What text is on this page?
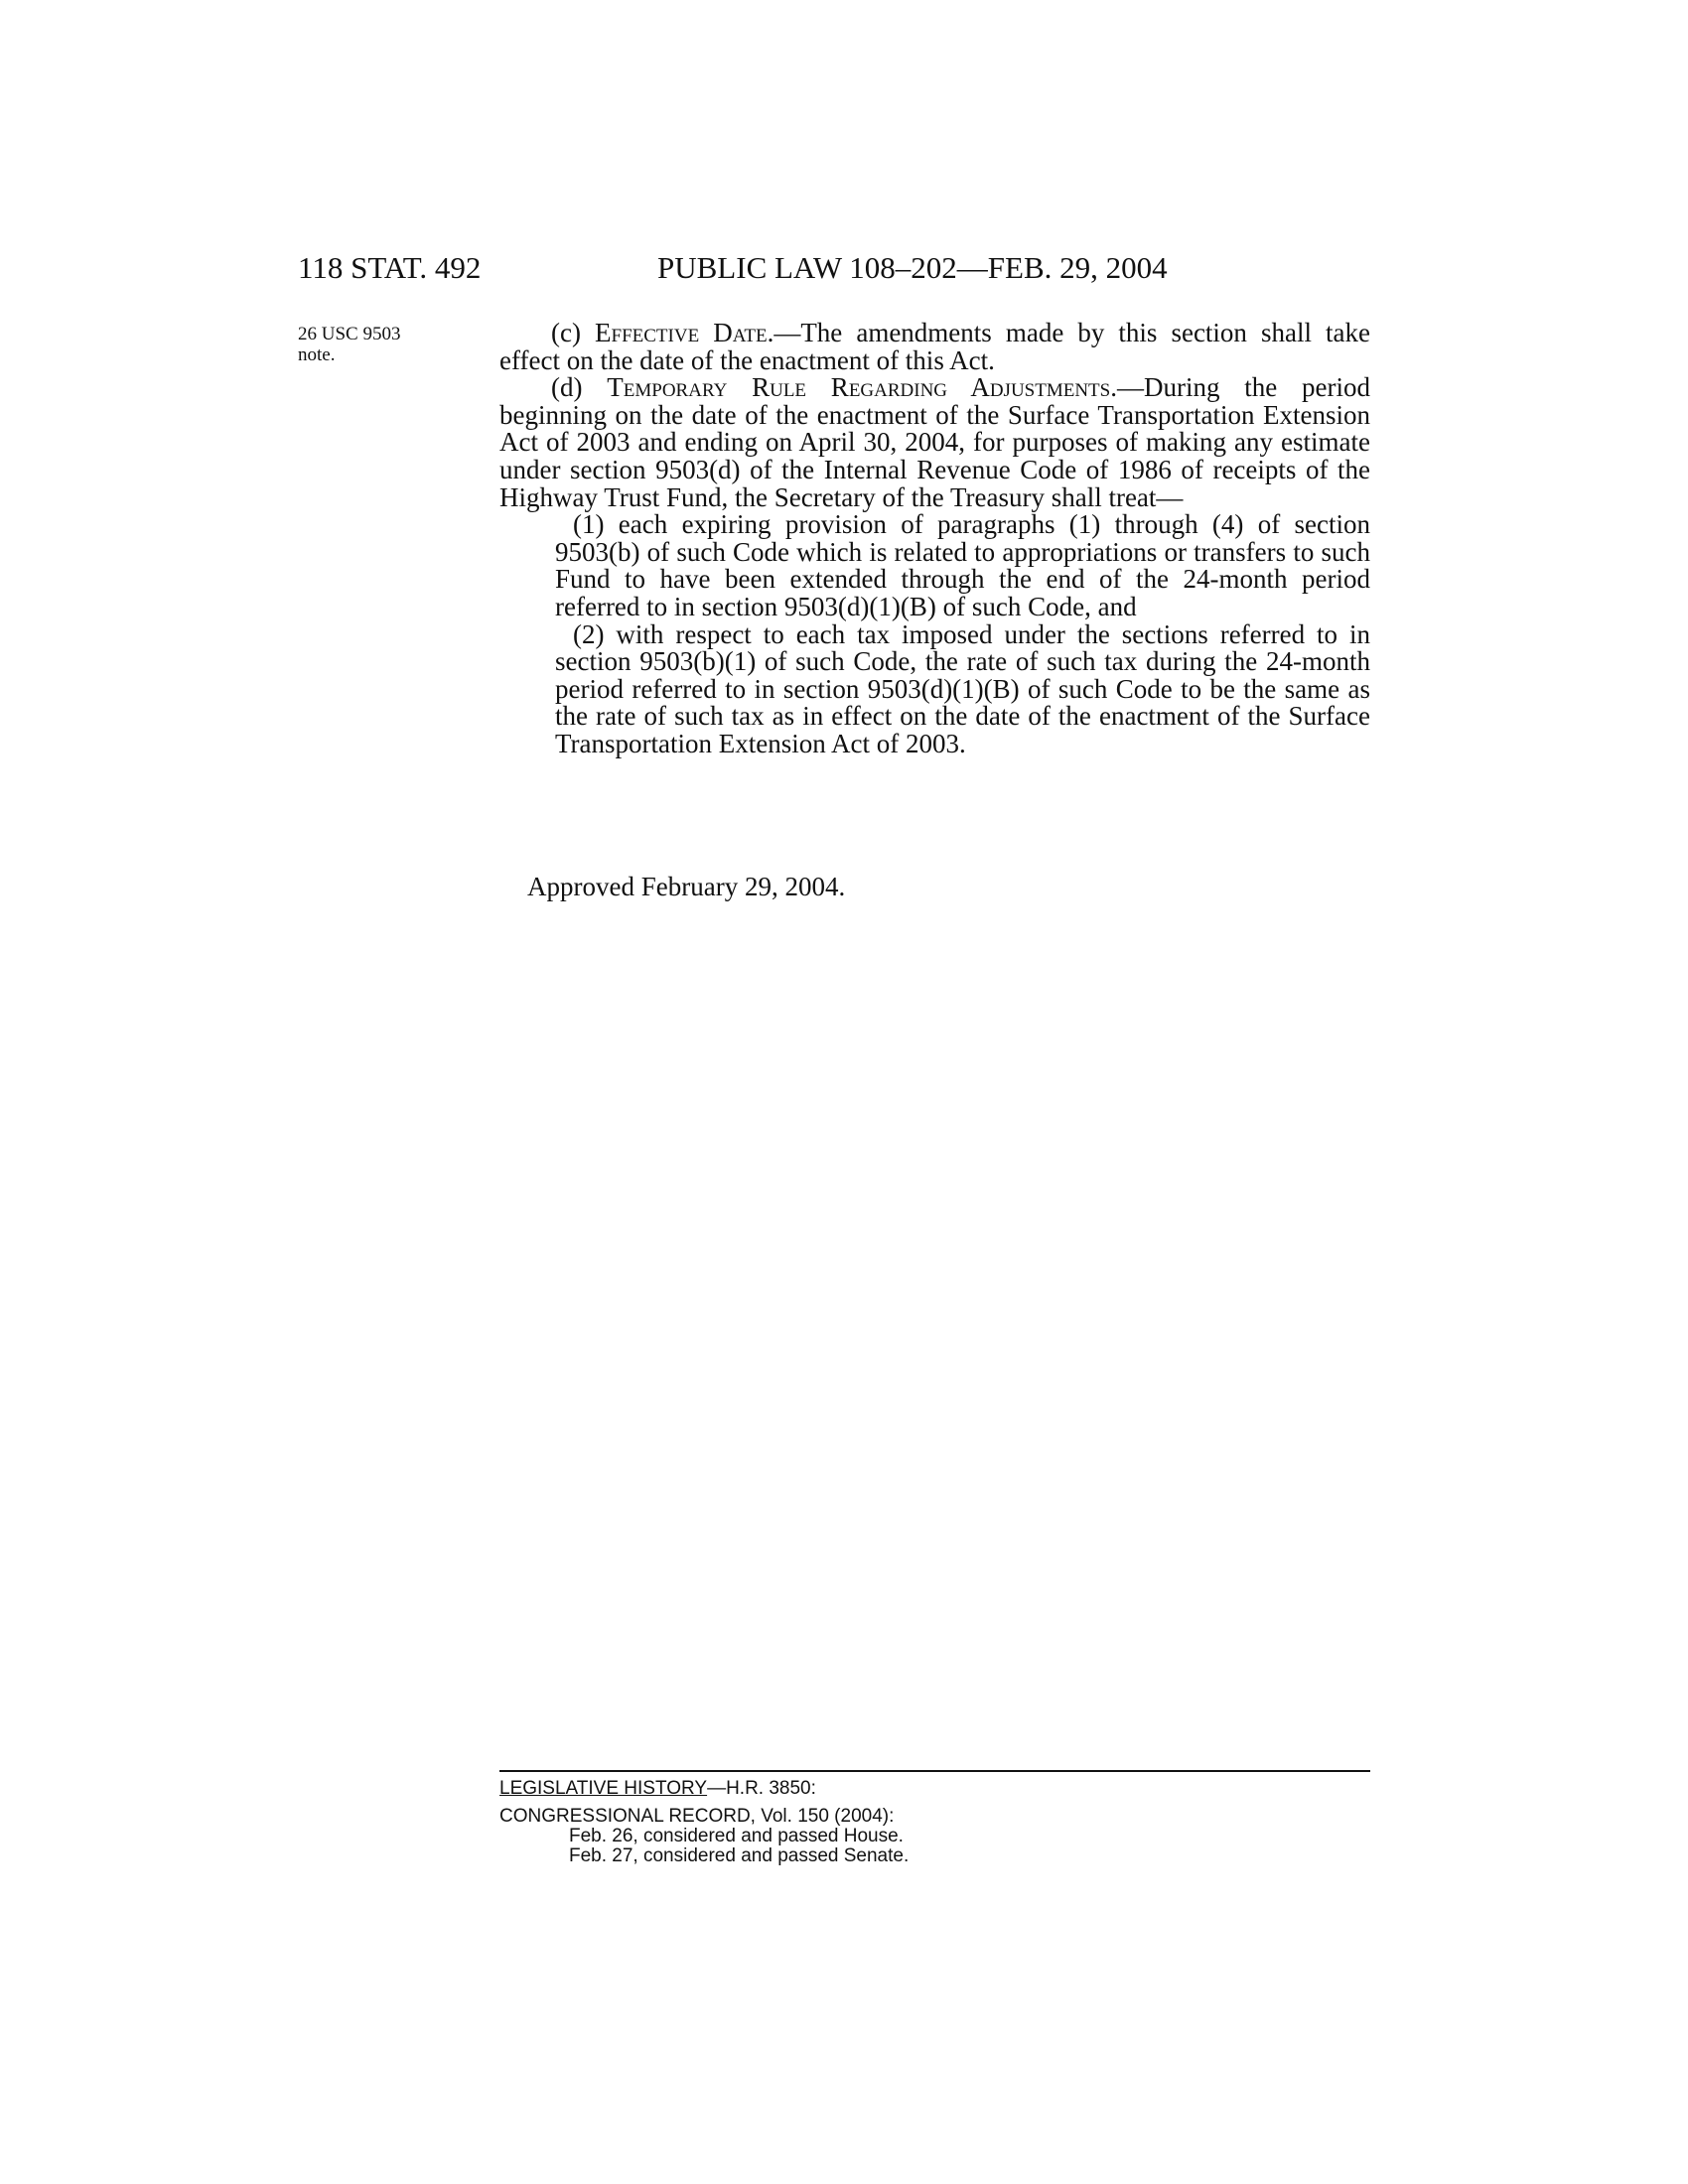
118 STAT. 492	PUBLIC LAW 108–202—FEB. 29, 2004
26 USC 9503
note.

(c) Effective Date.—The amendments made by this section shall take effect on the date of the enactment of this Act.

(d) Temporary Rule Regarding Adjustments.—During the period beginning on the date of the enactment of the Surface Transportation Extension Act of 2003 and ending on April 30, 2004, for purposes of making any estimate under section 9503(d) of the Internal Revenue Code of 1986 of receipts of the Highway Trust Fund, the Secretary of the Treasury shall treat—

(1) each expiring provision of paragraphs (1) through (4) of section 9503(b) of such Code which is related to appropriations or transfers to such Fund to have been extended through the end of the 24-month period referred to in section 9503(d)(1)(B) of such Code, and

(2) with respect to each tax imposed under the sections referred to in section 9503(b)(1) of such Code, the rate of such tax during the 24-month period referred to in section 9503(d)(1)(B) of such Code to be the same as the rate of such tax as in effect on the date of the enactment of the Surface Transportation Extension Act of 2003.

Approved February 29, 2004.

LEGISLATIVE HISTORY—H.R. 3850:

CONGRESSIONAL RECORD, Vol. 150 (2004):

Feb. 26, considered and passed House.

Feb. 27, considered and passed Senate.
